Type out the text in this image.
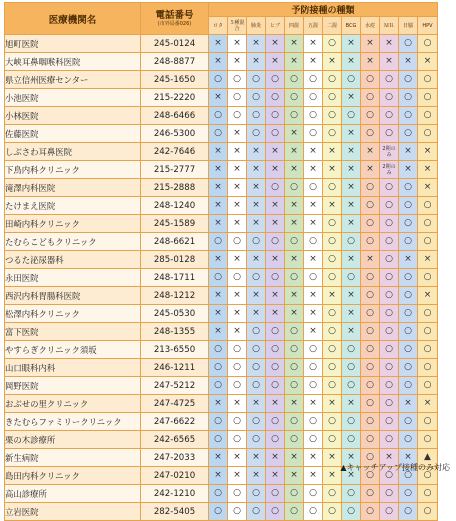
医療機関名	電話番号
(市外局番026)	予防接種の種類											
		ロタ	５種混合	肺炎	ヒブ	四混	五混	二混	BCG	水痘	ＭＲ	日脳	HPV
旭町医院	245-0124	×	×	×	×	×	×	○	×	×	×	○	○
大峡耳鼻咽喉科医院	248-8877	×	×	×	×	×	×	×	×	×	×	×	×
県立信州医療センター	245-1650	○	○	○	○	○	○	○	○	○	○	○	○
小池医院	215-2220	×	○	○	○	○	○	○	×	○	○	○	○
小林医院	248-6466	○	○	○	○	○	○	○	○	○	○	○	○
佐藤医院	246-5300	○	×	○	○	×	○	○	×	○	○	○	○
しぶさわ耳鼻医院	242-7646	×	×	×	×	×	×	×	×	×	2期のみ	×	×
下鳥内科クリニック	215-2777	×	×	×	×	×	×	×	×	×	2期のみ	×	×
滝澤内科医院	215-2888	×	×	×	○	○	○	○	×	○	○	○	×
たけまえ医院	248-1240	×	×	×	×	×	×	×	×	○	○	○	○
田崎内科クリニック	245-1589	×	×	×	×	×	×	○	×	○	○	○	○
たむらこどもクリニック	248-6621	○	○	○	○	○	○	○	○	○	○	○	○
つるた泌尿器科	285-0128	×	×	×	×	×	×	○	×	×	○	×	×
永田医院	248-1711	○	○	○	○	○	○	○	○	○	○	○	○
西沢内科胃腸科医院	248-1212	×	×	×	×	×	×	×	×	○	○	○	×
松澤内科クリニック	245-0530	×	×	×	×	×	×	○	×	○	○	○	○
富下医院	248-1355	×	×	○	○	○	×	○	×	○	○	○	○
やすらぎクリニック須坂	213-6550	○	○	○	○	○	○	○	○	○	○	○	○
山口眼科内科	246-1211	○	○	○	○	○	○	○	○	○	○	○	○
岡野医院	247-5212	○	○	○	○	○	○	○	○	○	○	○	○
おぶせの里クリニック	247-4725	×	×	×	×	×	×	×	×	○	○	×	×
きたむらファミリークリニック	247-6622	○	○	○	○	○	○	○	○	○	○	○	○
栗の木診療所	242-6565	○	○	○	○	○	○	○	○	○	○	○	○
新生病院	247-2033	×	×	×	×	×	×	×	×	○	×	×	▲
島田内科クリニック	247-0210	×	×	×	×	×	×	×	×	○	○	○	○
高山診療所	242-1210	○	○	○	○	○	○	○	○	○	○	○	○
立岩医院	282-5405	○	○	○	○	○	○	○	○	○	○	○	○
▲キャッチアップ接種のみ対応
